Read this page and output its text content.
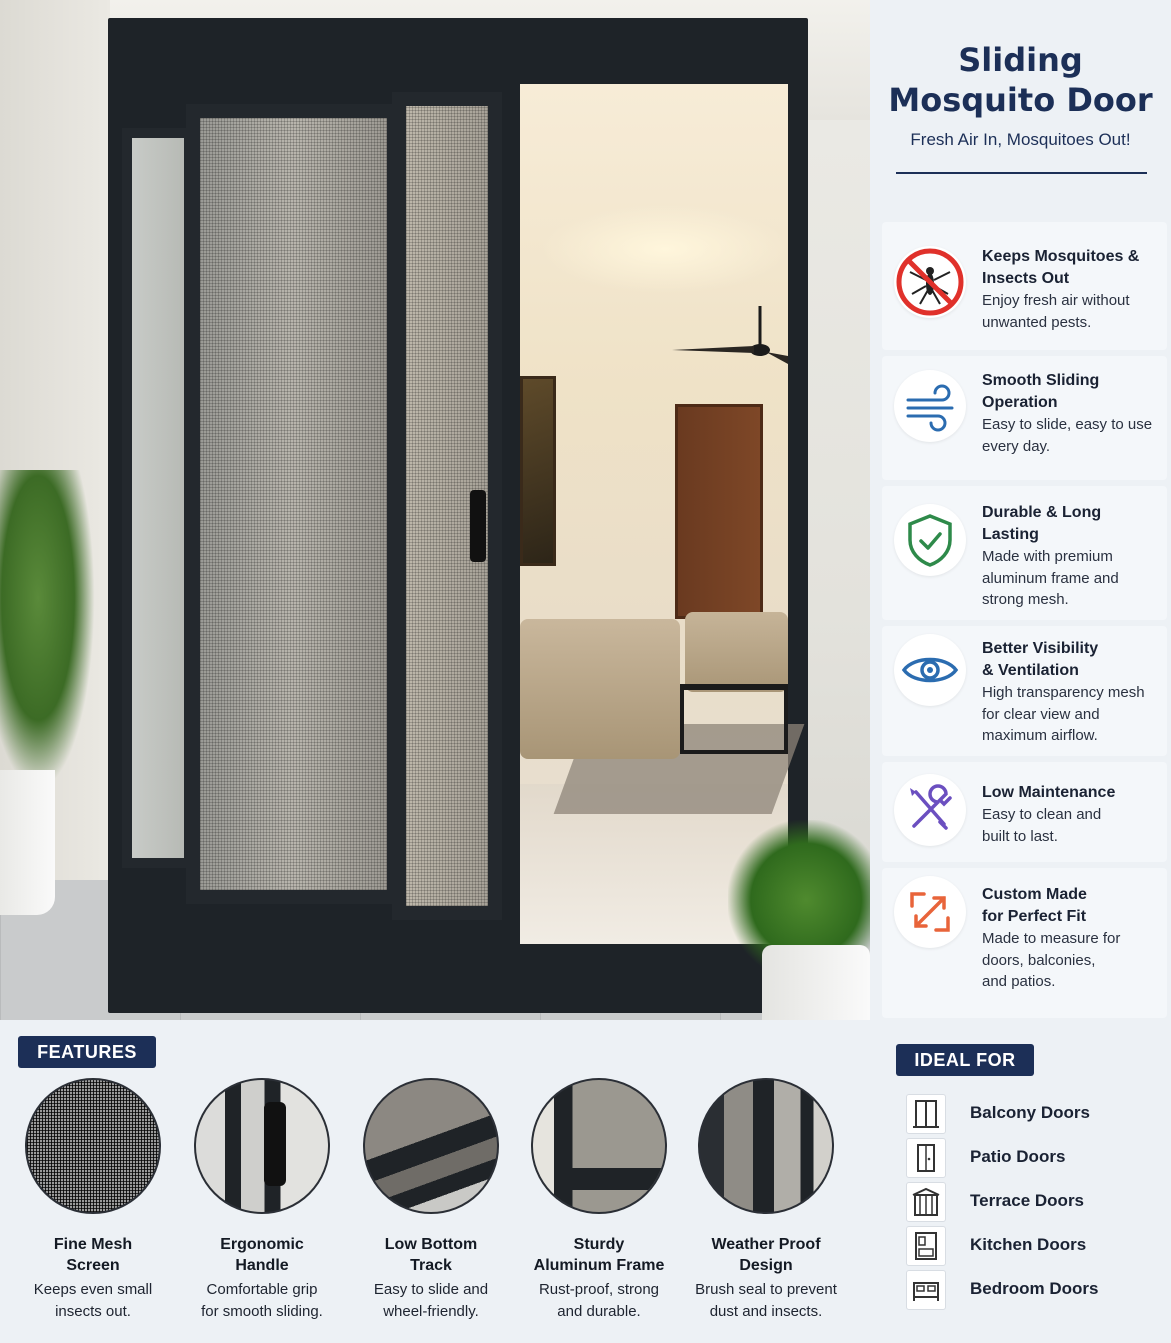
Sliding
Mosquito Door
Fresh Air In, Mosquitoes Out!
Keeps Mosquitoes &
Insects Out
Enjoy fresh air without
unwanted pests.
Smooth Sliding
Operation
Easy to slide, easy to use
every day.
Durable & Long
Lasting
Made with premium
aluminum frame and
strong mesh.
Better Visibility
& Ventilation
High transparency mesh
for clear view and
maximum airflow.
Low Maintenance
Easy to clean and
built to last.
Custom Made
for Perfect Fit
Made to measure for
doors, balconies,
and patios.
FEATURES
Fine Mesh
Screen
Keeps even small
insects out.
Ergonomic
Handle
Comfortable grip
for smooth sliding.
Low Bottom
Track
Easy to slide and
wheel-friendly.
Sturdy
Aluminum Frame
Rust-proof, strong
and durable.
Weather Proof
Design
Brush seal to prevent
dust and insects.
IDEAL FOR
Balcony Doors
Patio Doors
Terrace Doors
Kitchen Doors
Bedroom Doors
